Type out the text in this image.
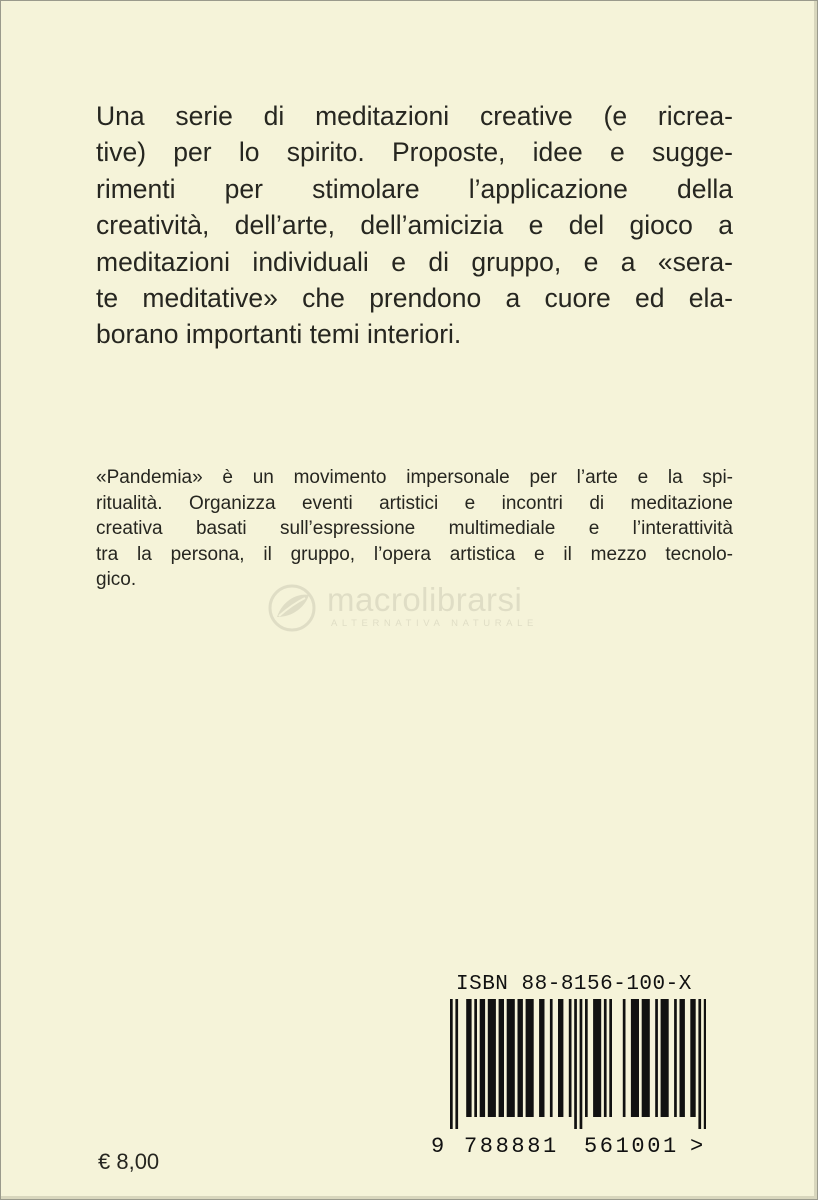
Una serie di meditazioni creative (e ricrea-
tive) per lo spirito. Proposte, idee e sugge-
rimenti per stimolare l’applicazione della
creatività, dell’arte, dell’amicizia e del gioco a
meditazioni individuali e di gruppo, e a «sera-
te meditative» che prendono a cuore ed ela-
borano importanti temi interiori.
«Pandemia» è un movimento impersonale per l’arte e la spi-
ritualità. Organizza eventi artistici e incontri di meditazione
creativa basati sull’espressione multimediale e l’interattività
tra la persona, il gruppo, l’opera artistica e il mezzo tecnolo-
gico.
macrolibrarsi
ALTERNATIVA NATURALE
ISBN 88-8156-100-X
9 788881 561001 >
€ 8,00
